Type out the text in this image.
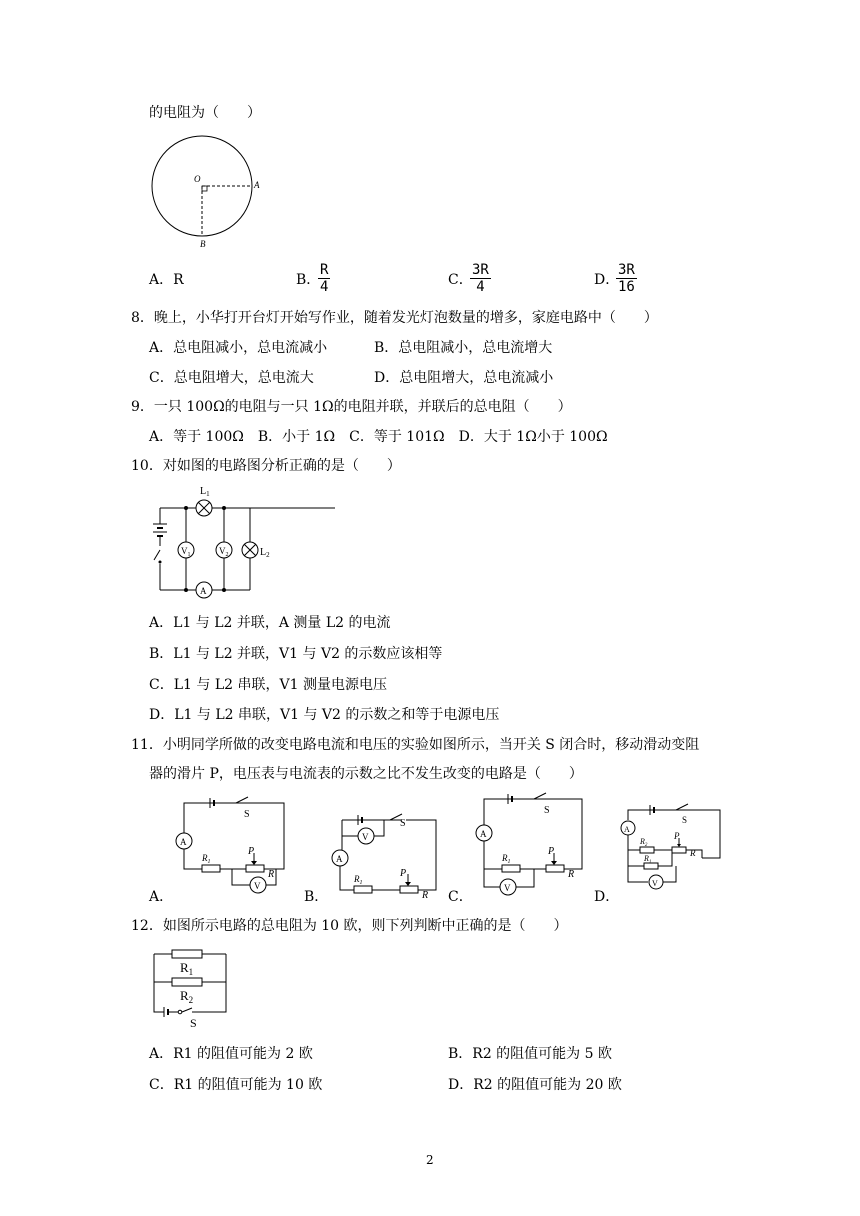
的电阻为（　　）
O
A
B
A．R	B．
$\frac{R}{4}$	C．
$\frac{3R}{4}$	D．
$\frac{3R}{16}$
8．晚上，小华打开台灯开始写作业，随着发光灯泡数量的增多，家庭电路中（　　）
A．总电阻减小，总电流减小	B．总电阻减小，总电流增大
C．总电阻增大，总电流大	D．总电阻增大，总电流减小
9．一只 100Ω的电阻与一只 1Ω的电阻并联，并联后的总电阻（　　）
A．等于 100Ω　B．小于 1Ω　C．等于 101Ω　D．大于 1Ω小于 100Ω
10．对如图的电路图分析正确的是（　　）
$L_1$
$V_1$	$V_2$	$L_2$
A
A．L1 与 L2 并联，A 测量 L2 的电流
B．L1 与 L2 并联，V1 与 V2 的示数应该相等
C．L1 与 L2 串联，V1 测量电源电压
D．L1 与 L2 串联，V1 与 V2 的示数之和等于电源电压
11．小明同学所做的改变电路电流和电压的实验如图所示，当开关 S 闭合时，移动滑动变阻
器的滑片 P，电压表与电流表的示数之比不发生改变的电路是（　　）
S
A
$R_1$
P
R
V
A．
V
S
A
$R_1$
P
R
B．
S
A
$R_1$
P
R
V
C．
S
A
$R_2$
P
R
$R_1$
V
D．
12．如图所示电路的总电阻为 10 欧，则下列判断中正确的是（　　）
$R_1$
$R_2$
S
A．R1 的阻值可能为 2 欧	B．R2 的阻值可能为 5 欧
C．R1 的阻值可能为 10 欧	D．R2 的阻值可能为 20 欧
2
